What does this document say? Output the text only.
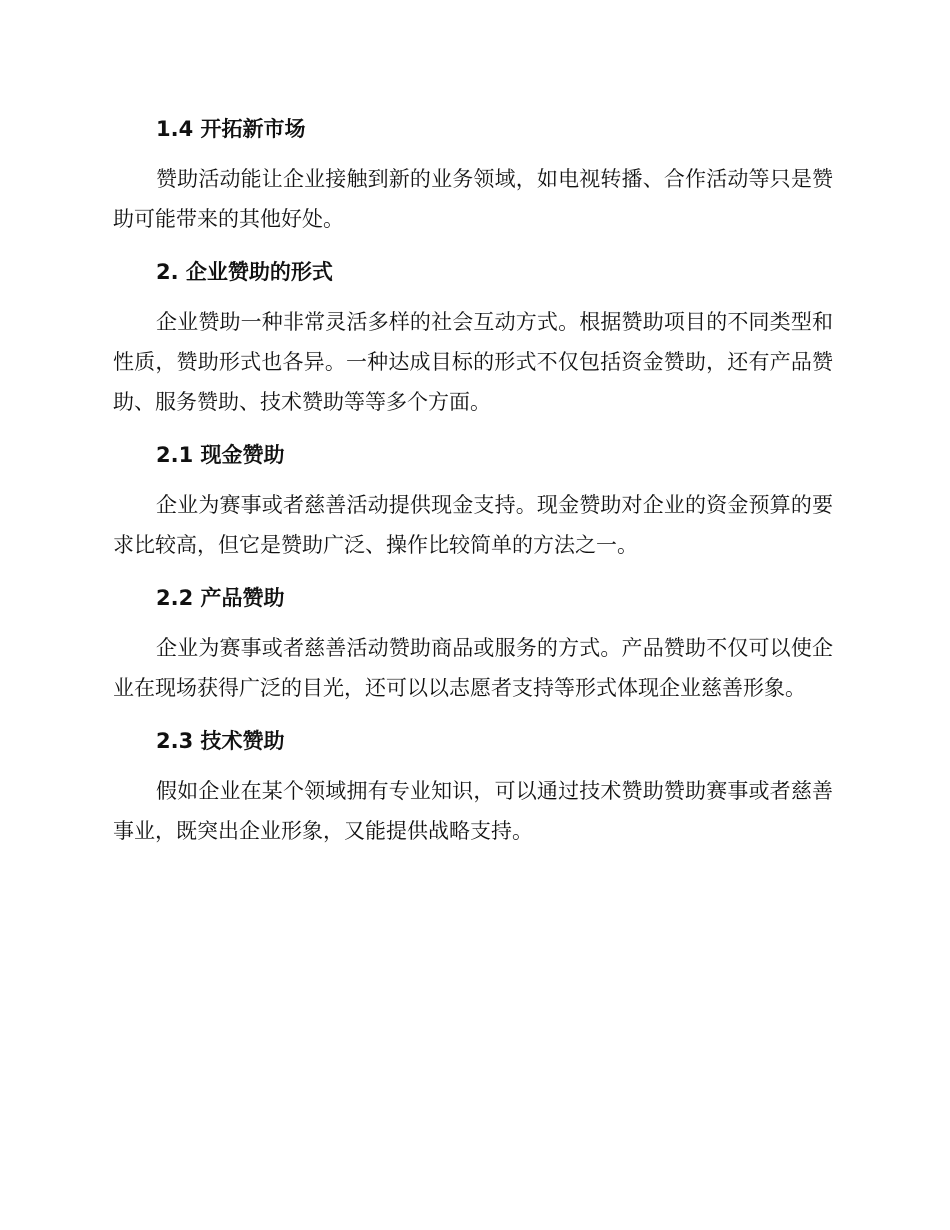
1.4 开拓新市场

赞助活动能让企业接触到新的业务领域，如电视转播、合作活动等只是赞助可能带来的其他好处。

2. 企业赞助的形式

企业赞助一种非常灵活多样的社会互动方式。根据赞助项目的不同类型和性质，赞助形式也各异。一种达成目标的形式不仅包括资金赞助，还有产品赞助、服务赞助、技术赞助等等多个方面。

2.1 现金赞助

企业为赛事或者慈善活动提供现金支持。现金赞助对企业的资金预算的要求比较高，但它是赞助广泛、操作比较简单的方法之一。

2.2 产品赞助

企业为赛事或者慈善活动赞助商品或服务的方式。产品赞助不仅可以使企业在现场获得广泛的目光，还可以以志愿者支持等形式体现企业慈善形象。

2.3 技术赞助

假如企业在某个领域拥有专业知识，可以通过技术赞助赞助赛事或者慈善事业，既突出企业形象，又能提供战略支持。
